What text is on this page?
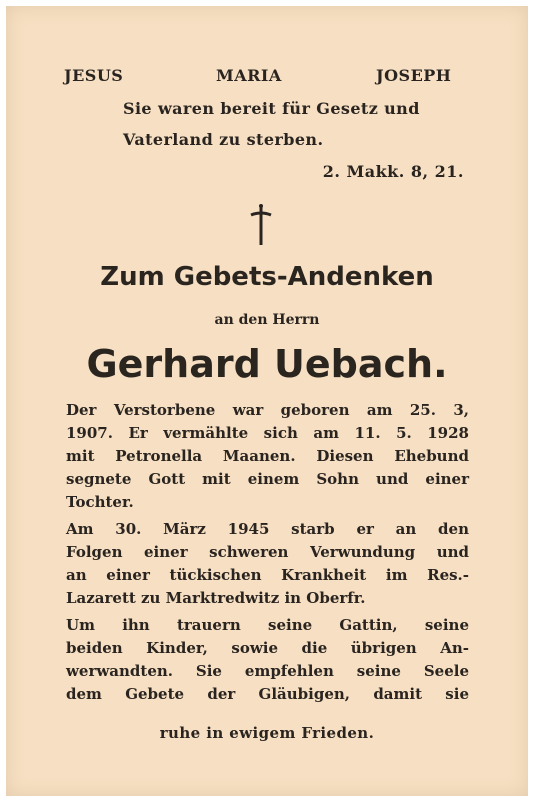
JESUS	MARIA	JOSEPH
Sie waren bereit für Gesetz und
Vaterland zu sterben.
2. Makk. 8, 21.
Zum Gebets-Andenken
an den Herrn
Gerhard Uebach.
Der Verstorbene war geboren am 25. 3,
1907. Er vermählte sich am 11. 5. 1928
mit Petronella Maanen. Diesen Ehebund
segnete Gott mit einem Sohn und einer
Tochter.
Am 30. März 1945 starb er an den
Folgen einer schweren Verwundung und
an einer tückischen Krankheit im Res.-
Lazarett zu Marktredwitz in Oberfr.
Um ihn trauern seine Gattin, seine
beiden Kinder, sowie die übrigen An-
werwandten. Sie empfehlen seine Seele
dem Gebete der Gläubigen, damit sie
ruhe in ewigem Frieden.
